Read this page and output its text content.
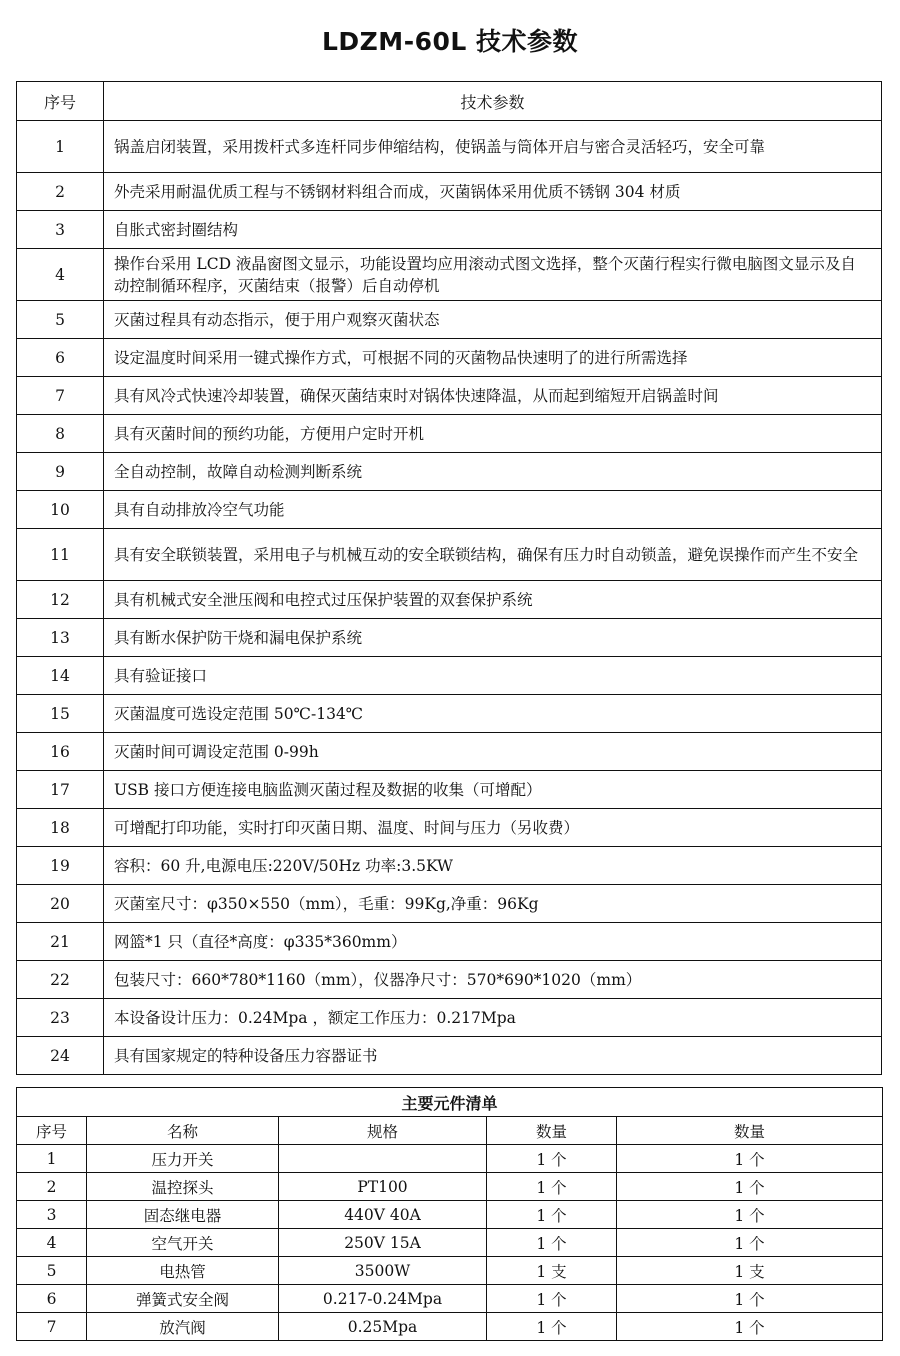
LDZM-60L 技术参数
序号	技术参数
1	锅盖启闭装置，采用拨杆式多连杆同步伸缩结构，使锅盖与筒体开启与密合灵活轻巧，安全可靠
2	外壳采用耐温优质工程与不锈钢材料组合而成，灭菌锅体采用优质不锈钢 304 材质
3	自胀式密封圈结构
4	操作台采用 LCD 液晶窗图文显示，功能设置均应用滚动式图文选择，整个灭菌行程实行微电脑图文显示及自动控制循环程序，灭菌结束（报警）后自动停机
5	灭菌过程具有动态指示，便于用户观察灭菌状态
6	设定温度时间采用一键式操作方式，可根据不同的灭菌物品快速明了的进行所需选择
7	具有风冷式快速冷却装置，确保灭菌结束时对锅体快速降温，从而起到缩短开启锅盖时间
8	具有灭菌时间的预约功能，方便用户定时开机
9	全自动控制，故障自动检测判断系统
10	具有自动排放冷空气功能
11	具有安全联锁装置，采用电子与机械互动的安全联锁结构，确保有压力时自动锁盖，避免误操作而产生不安全
12	具有机械式安全泄压阀和电控式过压保护装置的双套保护系统
13	具有断水保护防干烧和漏电保护系统
14	具有验证接口
15	灭菌温度可选设定范围 50℃-134℃
16	灭菌时间可调设定范围 0-99h
17	USB 接口方便连接电脑监测灭菌过程及数据的收集（可增配）
18	可增配打印功能，实时打印灭菌日期、温度、时间与压力（另收费）
19	容积：60 升,电源电压:220V/50Hz 功率:3.5KW
20	灭菌室尺寸：φ350×550（mm），毛重：99Kg,净重：96Kg
21	网篮*1 只（直径*高度：φ335*360mm）
22	包装尺寸：660*780*1160（mm），仪器净尺寸：570*690*1020（mm）
23	本设备设计压力：0.24Mpa ，额定工作压力：0.217Mpa
24	具有国家规定的特种设备压力容器证书
主要元件清单				
序号	名称	规格	数量	数量
1	压力开关		1 个	1 个
2	温控探头	PT100	1 个	1 个
3	固态继电器	440V 40A	1 个	1 个
4	空气开关	250V 15A	1 个	1 个
5	电热管	3500W	1 支	1 支
6	弹簧式安全阀	0.217-0.24Mpa	1 个	1 个
7	放汽阀	0.25Mpa	1 个	1 个
